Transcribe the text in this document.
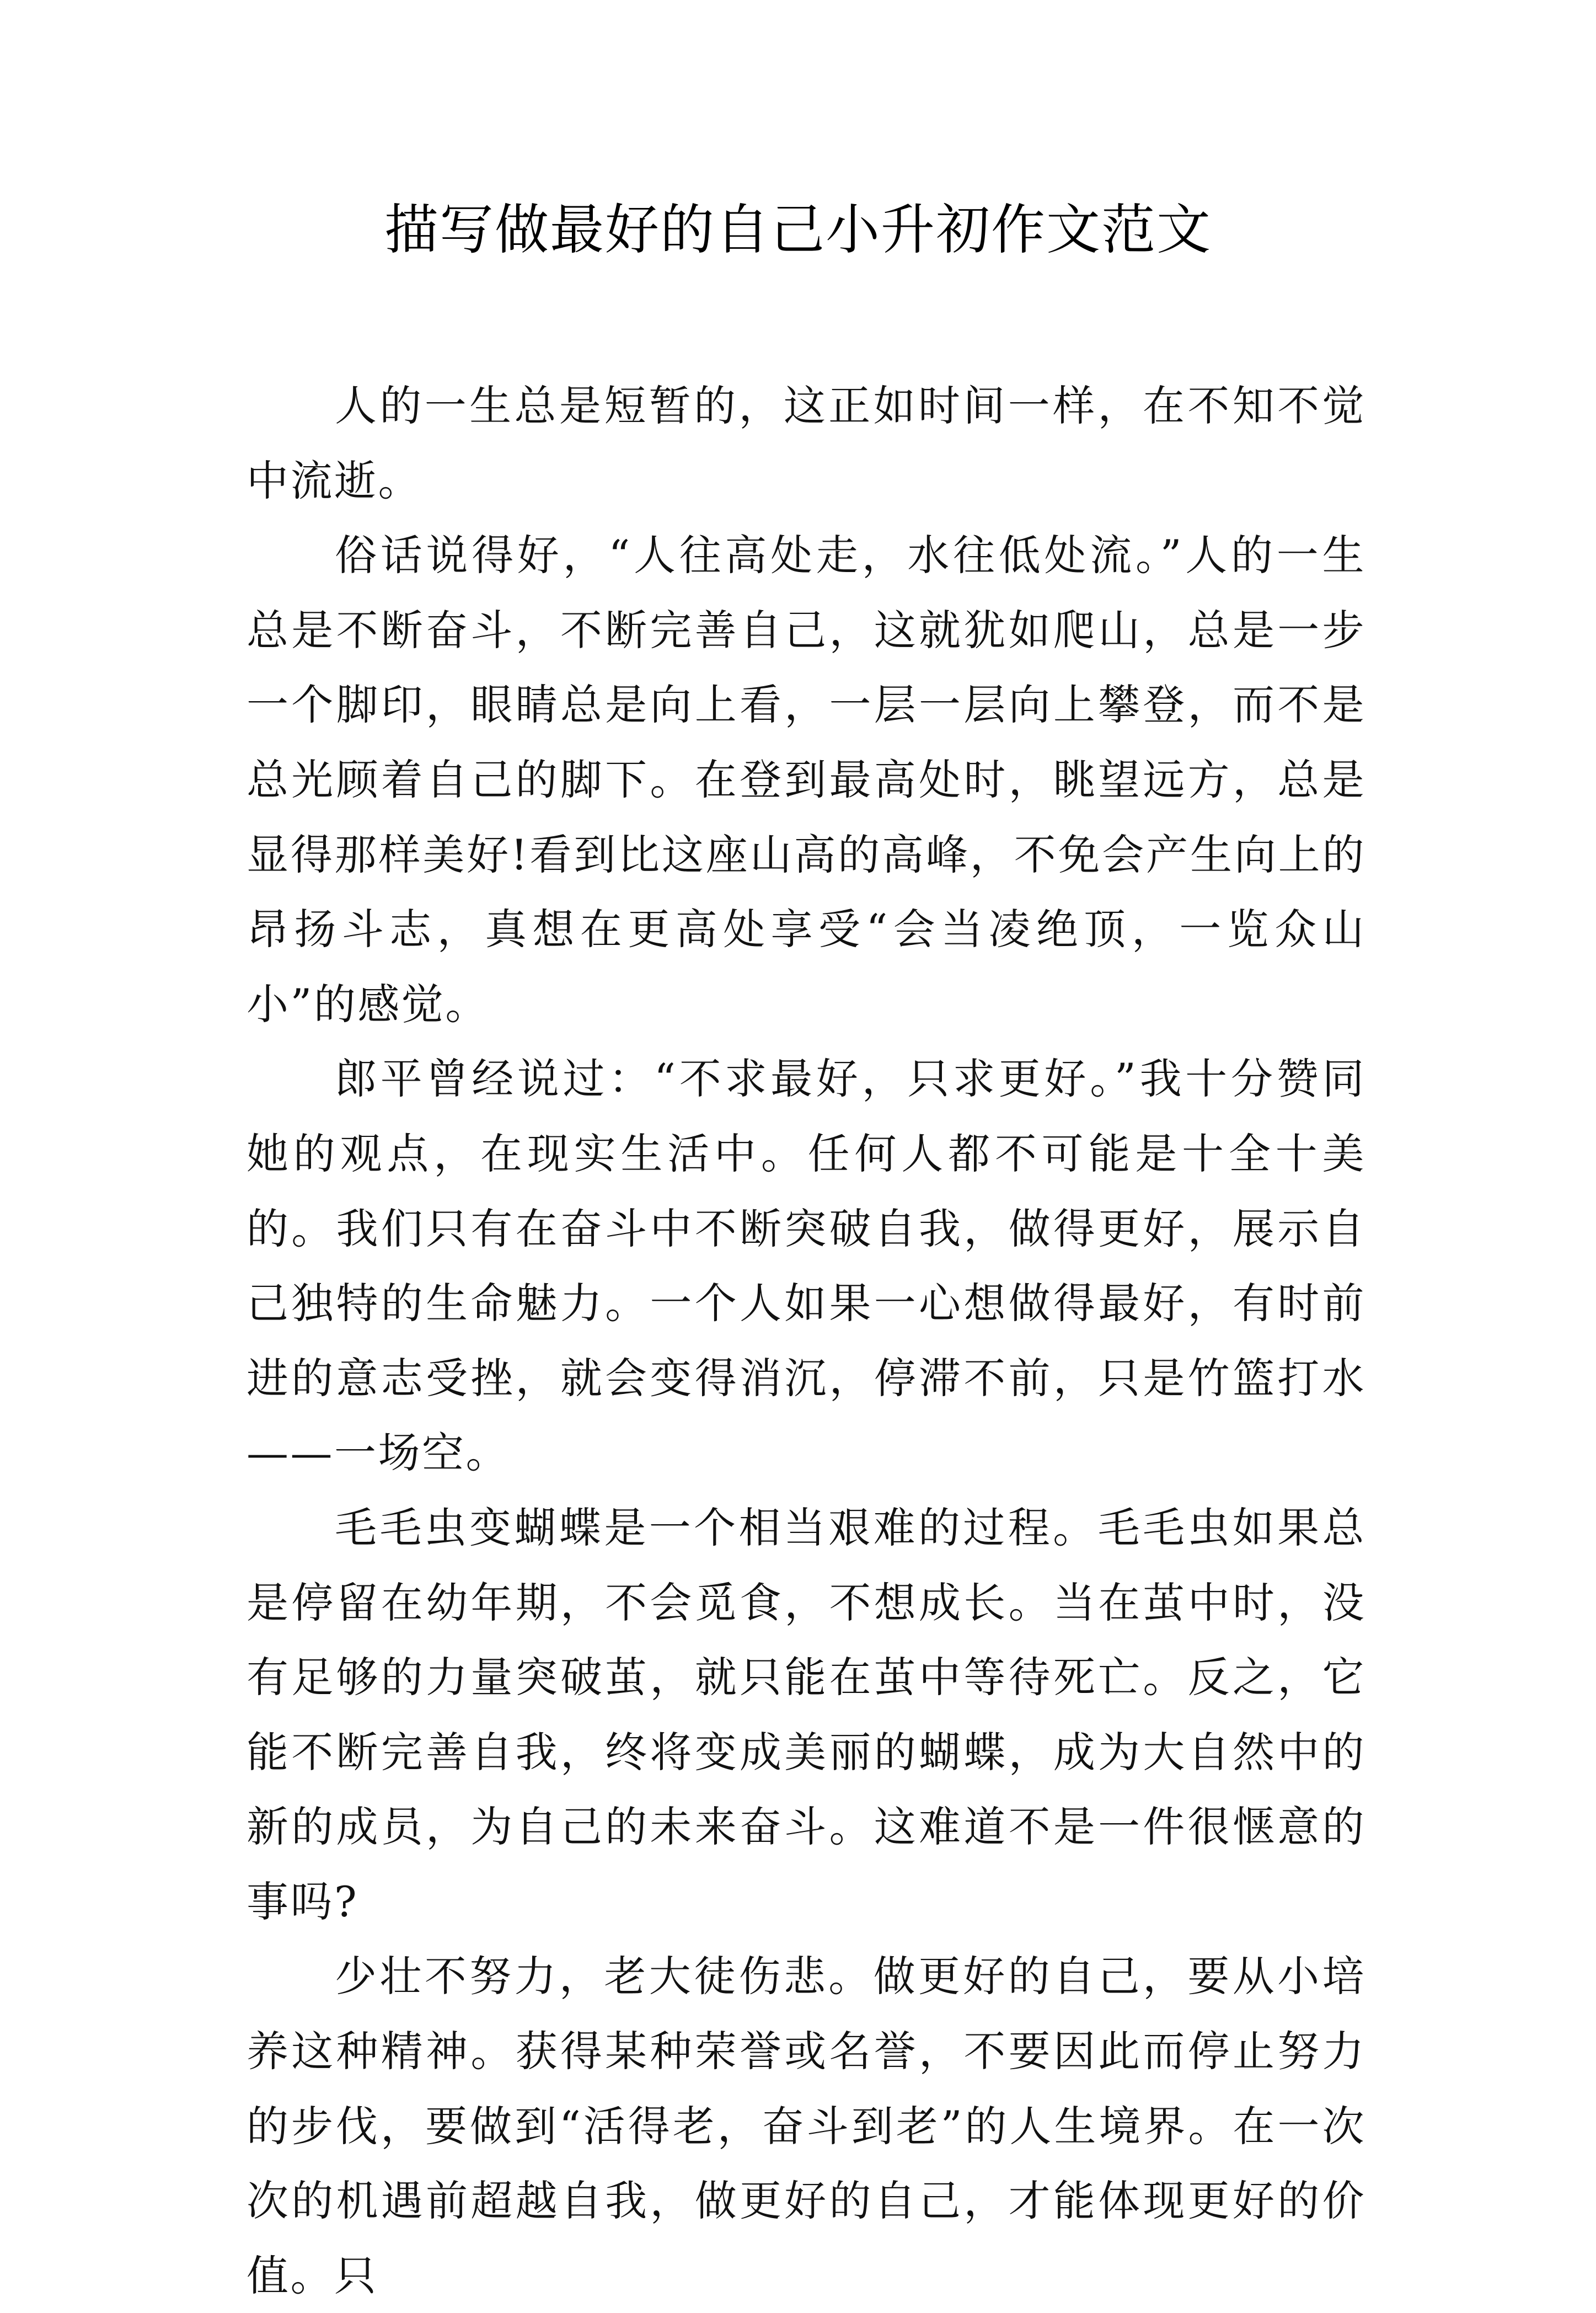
描写做最好的自己小升初作文范文

人的一生总是短暂的，这正如时间一样，在不知不觉中流逝。

俗话说得好，“人往高处走，水往低处流。”人的一生总是不断奋斗，不断完善自己，这就犹如爬山，总是一步一个脚印，眼睛总是向上看，一层一层向上攀登，而不是总光顾着自己的脚下。在登到最高处时，眺望远方，总是显得那样美好!看到比这座山高的高峰，不免会产生向上的昂扬斗志，真想在更高处享受“会当凌绝顶，一览众山小”的感觉。

郎平曾经说过：“不求最好，只求更好。”我十分赞同她的观点，在现实生活中。任何人都不可能是十全十美的。我们只有在奋斗中不断突破自我，做得更好，展示自己独特的生命魅力。一个人如果一心想做得最好，有时前进的意志受挫，就会变得消沉，停滞不前，只是竹篮打水——一场空。

毛毛虫变蝴蝶是一个相当艰难的过程。毛毛虫如果总是停留在幼年期，不会觅食，不想成长。当在茧中时，没有足够的力量突破茧，就只能在茧中等待死亡。反之，它能不断完善自我，终将变成美丽的蝴蝶，成为大自然中的新的成员，为自己的未来奋斗。这难道不是一件很惬意的事吗?

少壮不努力，老大徒伤悲。做更好的自己，要从小培养这种精神。获得某种荣誉或名誉，不要因此而停止努力的步伐，要做到“活得老，奋斗到老”的人生境界。在一次次的机遇前超越自我，做更好的自己，才能体现更好的价值。只
